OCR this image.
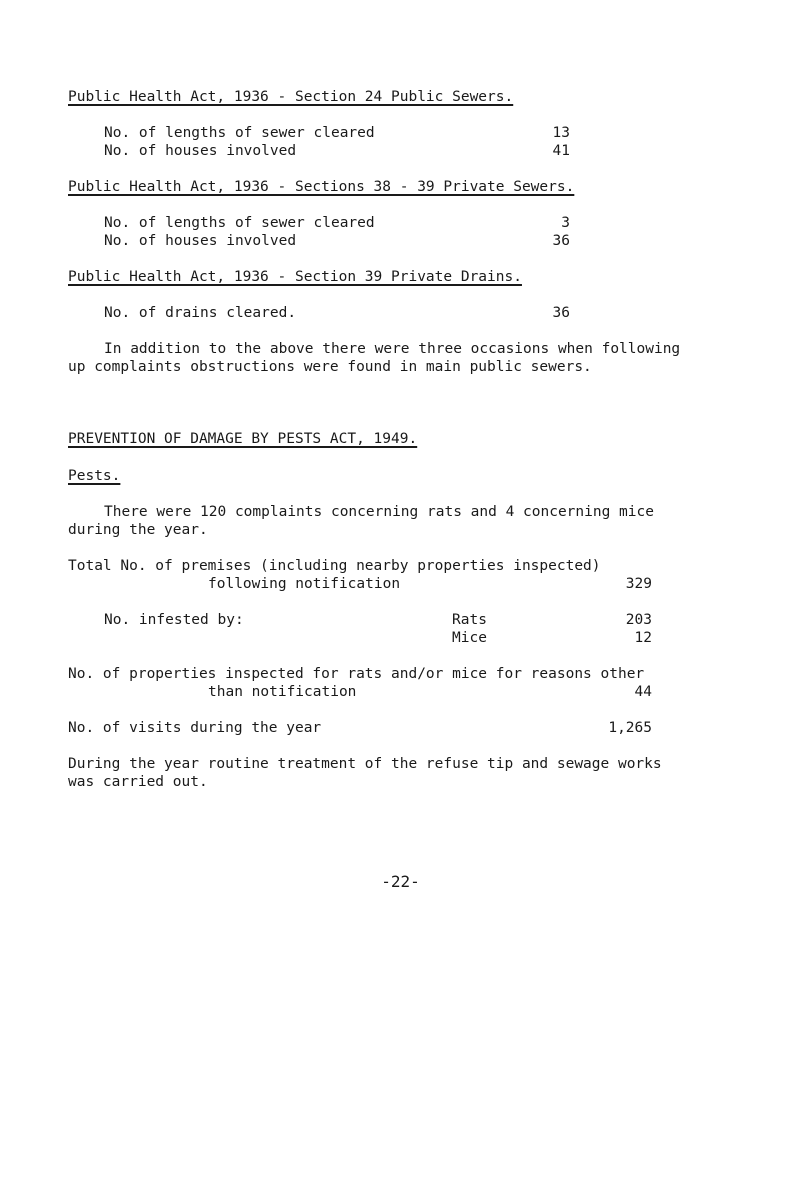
Public Health Act, 1936 - Section 24 Public Sewers.
No. of lengths of sewer cleared	13
No. of houses involved	41
Public Health Act, 1936 - Sections 38 - 39 Private Sewers.
No. of lengths of sewer cleared	3
No. of houses involved	36
Public Health Act, 1936 - Section 39 Private Drains.
No. of drains cleared.	36
In addition to the above there were three occasions when following
up complaints obstructions were found in main public sewers.
PREVENTION OF DAMAGE BY PESTS ACT, 1949.
Pests.
There were 120 complaints concerning rats and 4 concerning mice
during the year.
Total No. of premises (including nearby properties inspected)
following notification	329
No. infested by:	Rats	203
Mice	12
No. of properties inspected for rats and/or mice for reasons other
than notification	44
No. of visits during the year	1,265
During the year routine treatment of the refuse tip and sewage works
was carried out.
-22-
